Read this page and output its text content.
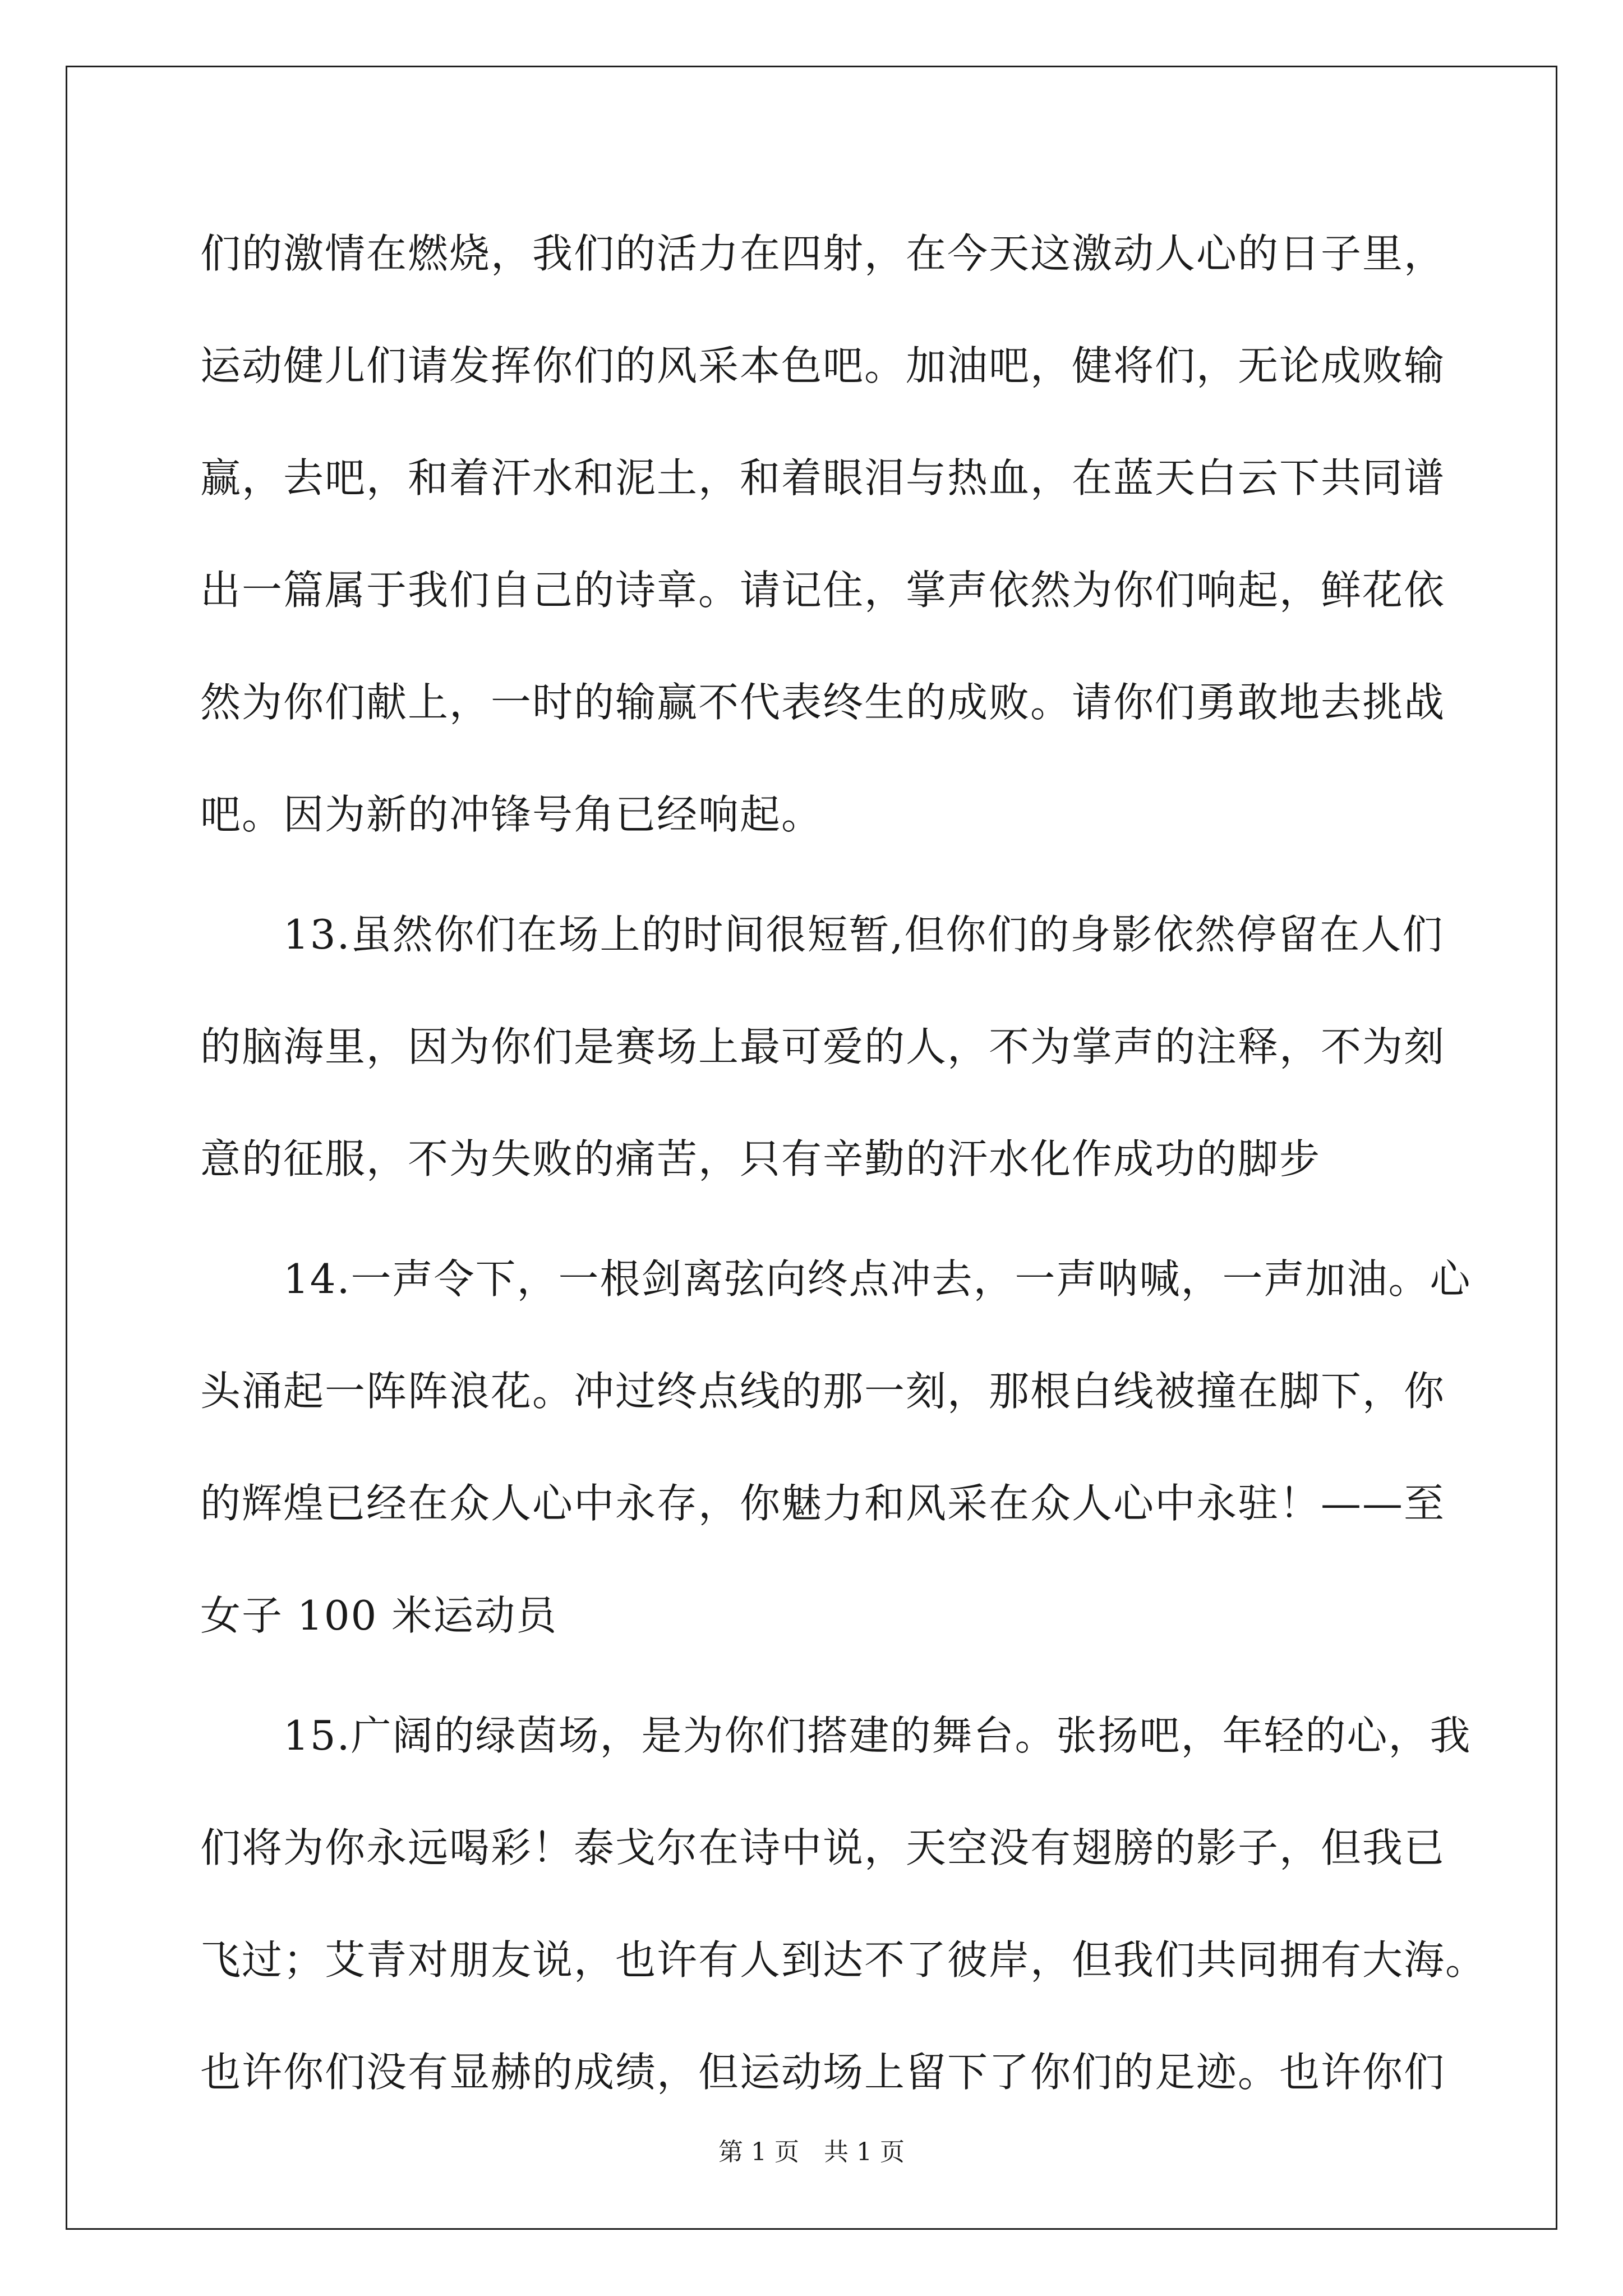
们的激情在燃烧，我们的活力在四射，在今天这激动人心的日子里，

运动健儿们请发挥你们的风采本色吧。加油吧，健将们，无论成败输

赢，去吧，和着汗水和泥土，和着眼泪与热血，在蓝天白云下共同谱

出一篇属于我们自己的诗章。请记住，掌声依然为你们响起，鲜花依

然为你们献上，一时的输赢不代表终生的成败。请你们勇敢地去挑战

吧。因为新的冲锋号角已经响起。

　　13.虽然你们在场上的时间很短暂,但你们的身影依然停留在人们

的脑海里，因为你们是赛场上最可爱的人，不为掌声的注释，不为刻

意的征服，不为失败的痛苦，只有辛勤的汗水化作成功的脚步

　　14.一声令下，一根剑离弦向终点冲去，一声呐喊，一声加油。心

头涌起一阵阵浪花。冲过终点线的那一刻，那根白线被撞在脚下，你

的辉煌已经在众人心中永存，你魅力和风采在众人心中永驻！——至

女子 100 米运动员

　　15.广阔的绿茵场，是为你们搭建的舞台。张扬吧，年轻的心，我

们将为你永远喝彩！泰戈尔在诗中说，天空没有翅膀的影子，但我已

飞过；艾青对朋友说，也许有人到达不了彼岸，但我们共同拥有大海。

也许你们没有显赫的成绩，但运动场上留下了你们的足迹。也许你们

第 1 页　共 1 页
